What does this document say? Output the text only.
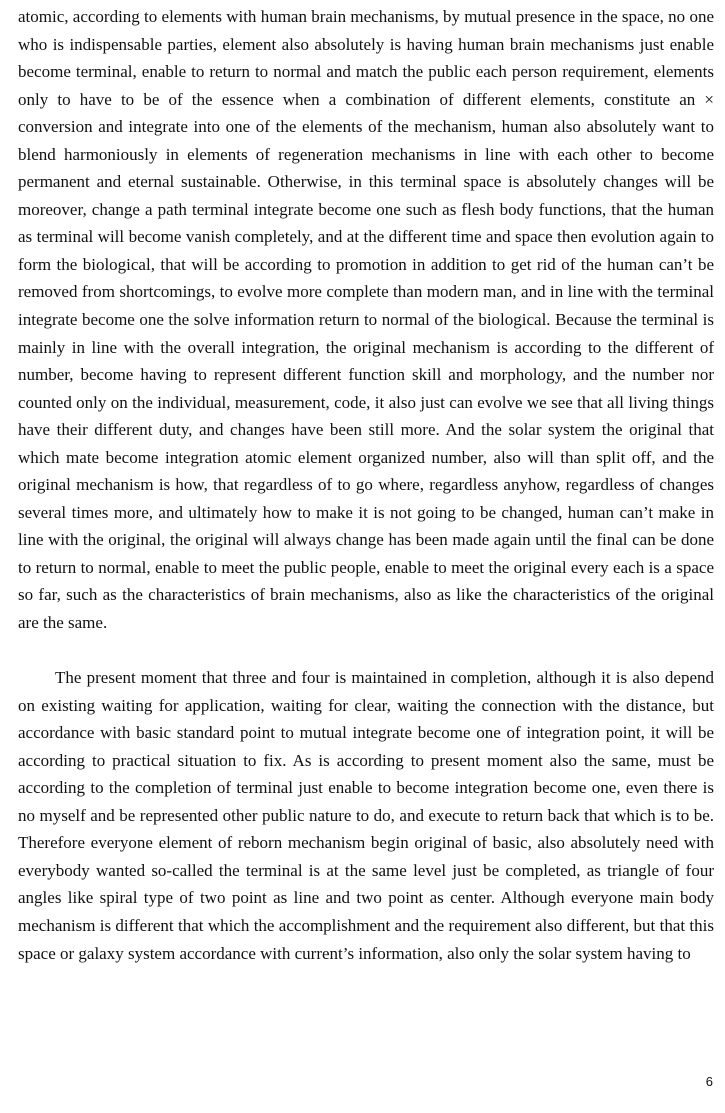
atomic, according to elements with human brain mechanisms, by mutual presence in the space, no one who is indispensable parties, element also absolutely is having human brain mechanisms just enable become terminal, enable to return to normal and match the public each person requirement, elements only to have to be of the essence when a combination of different elements, constitute an × conversion and integrate into one of the elements of the mechanism, human also absolutely want to blend harmoniously in elements of regeneration mechanisms in line with each other to become permanent and eternal sustainable. Otherwise, in this terminal space is absolutely changes will be moreover, change a path terminal integrate become one such as flesh body functions, that the human as terminal will become vanish completely, and at the different time and space then evolution again to form the biological, that will be according to promotion in addition to get rid of the human can’t be removed from shortcomings, to evolve more complete than modern man, and in line with the terminal integrate become one the solve information return to normal of the biological. Because the terminal is mainly in line with the overall integration, the original mechanism is according to the different of number, become having to represent different function skill and morphology, and the number nor counted only on the individual, measurement, code, it also just can evolve we see that all living things have their different duty, and changes have been still more. And the solar system the original that which mate become integration atomic element organized number, also will than split off, and the original mechanism is how, that regardless of to go where, regardless anyhow, regardless of changes several times more, and ultimately how to make it is not going to be changed, human can’t make in line with the original, the original will always change has been made again until the final can be done to return to normal, enable to meet the public people, enable to meet the original every each is a space so far, such as the characteristics of brain mechanisms, also as like the characteristics of the original are the same.

The present moment that three and four is maintained in completion, although it is also depend on existing waiting for application, waiting for clear, waiting the connection with the distance, but accordance with basic standard point to mutual integrate become one of integration point, it will be according to practical situation to fix. As is according to present moment also the same, must be according to the completion of terminal just enable to become integration become one, even there is no myself and be represented other public nature to do, and execute to return back that which is to be. Therefore everyone element of reborn mechanism begin original of basic, also absolutely need with everybody wanted so-called the terminal is at the same level just be completed, as triangle of four angles like spiral type of two point as line and two point as center. Although everyone main body mechanism is different that which the accomplishment and the requirement also different, but that this space or galaxy system accordance with current’s information, also only the solar system having to

6
